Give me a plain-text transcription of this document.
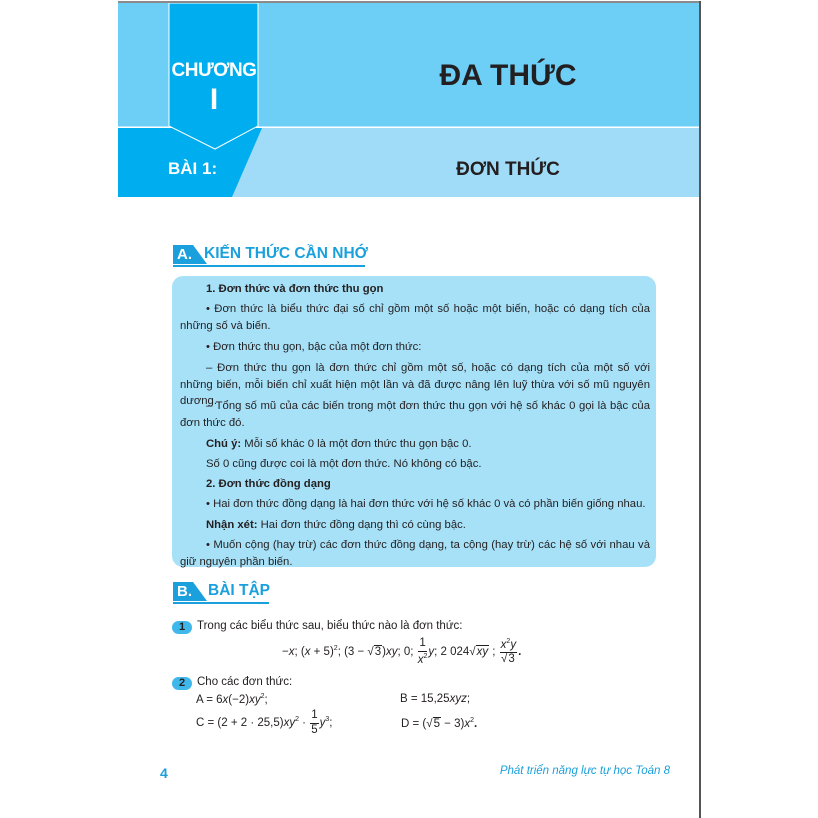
CHƯƠNG
I
ĐA THỨC
BÀI 1:	ĐƠN THỨC
A. KIẾN THỨC CẦN NHỚ
1. Đơn thức và đơn thức thu gọn
• Đơn thức là biểu thức đại số chỉ gồm một số hoặc một biến, hoặc có dạng tích của những số và biến.
• Đơn thức thu gọn, bậc của một đơn thức:
– Đơn thức thu gọn là đơn thức chỉ gồm một số, hoặc có dạng tích của một số với những biến, mỗi biến chỉ xuất hiện một lần và đã được nâng lên luỹ thừa với số mũ nguyên dương.
– Tổng số mũ của các biến trong một đơn thức thu gọn với hệ số khác 0 gọi là bậc của đơn thức đó.
Chú ý: Mỗi số khác 0 là một đơn thức thu gọn bậc 0.
Số 0 cũng được coi là một đơn thức. Nó không có bậc.
2. Đơn thức đồng dạng
• Hai đơn thức đồng dạng là hai đơn thức với hệ số khác 0 và có phần biến giống nhau.
Nhận xét: Hai đơn thức đồng dạng thì có cùng bậc.
• Muốn cộng (hay trừ) các đơn thức đồng dạng, ta cộng (hay trừ) các hệ số với nhau và giữ nguyên phần biến.
B. BÀI TẬP
1	Trong các biểu thức sau, biểu thức nào là đơn thức:
−x; $(x + 5)^2$; (3 − √3)xy; 0; $\frac{1}{x^2} y$; 2 024√xy ; $\frac{x^2y}{√3}$ .
2	Cho các đơn thức:
$A = 6x(-2)xy^2$;	B = 15,25xyz;
$C = (2 + 2 \cdot 25,5)xy^2 \cdot \frac{1}{5} y^3$;	$D = (√5 - 3)x^2$.
4	Phát triển năng lực tự học Toán 8
